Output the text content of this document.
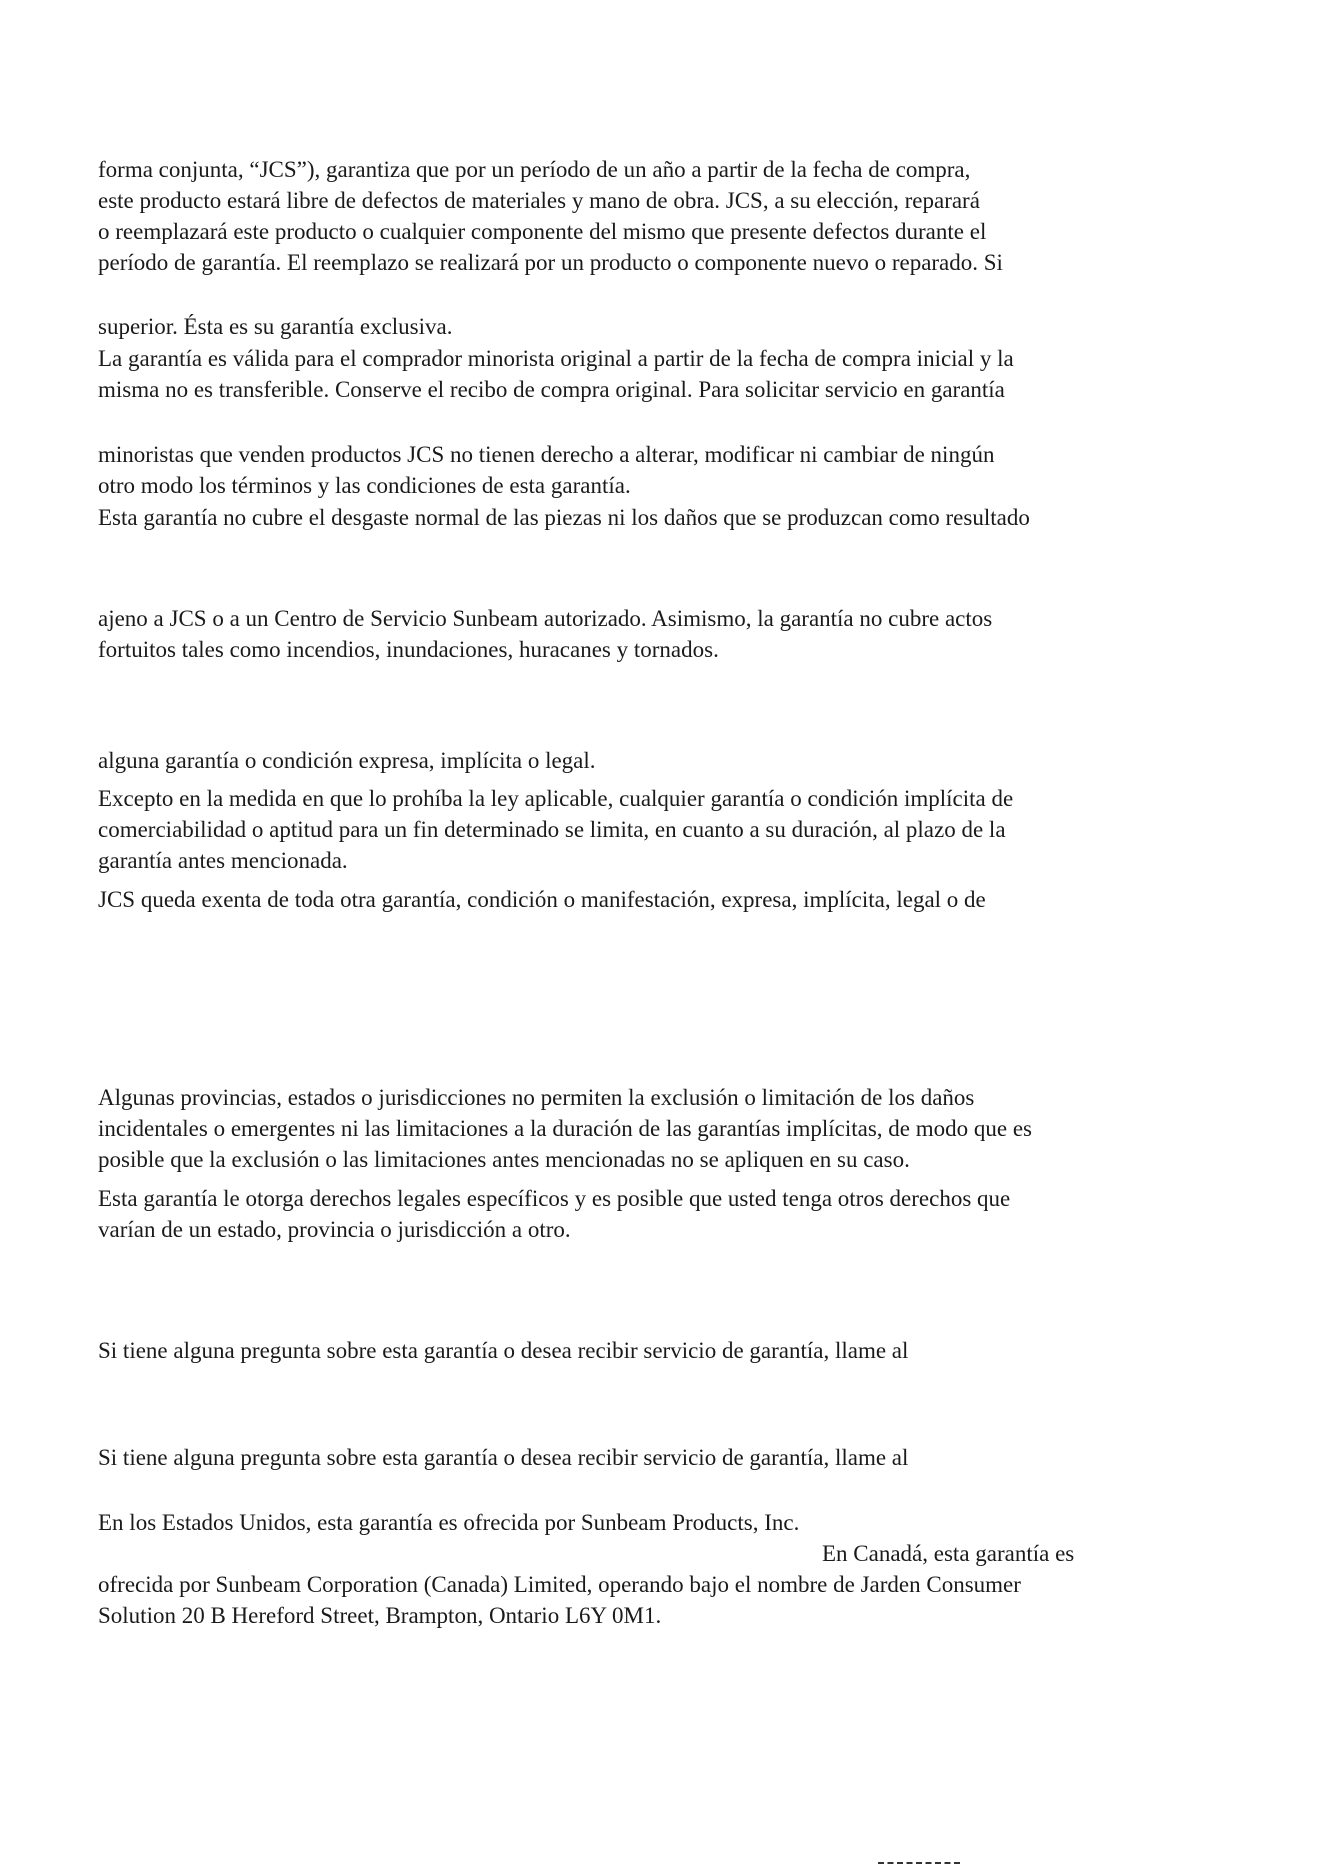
forma conjunta, “JCS”), garantiza que por un período de un año a partir de la fecha de compra,
este producto estará libre de defectos de materiales y mano de obra. JCS, a su elección, reparará
o reemplazará este producto o cualquier componente del mismo que presente defectos durante el
período de garantía. El reemplazo se realizará por un producto o componente nuevo o reparado. Si
superior. Ésta es su garantía exclusiva.
La garantía es válida para el comprador minorista original a partir de la fecha de compra inicial y la
misma no es transferible. Conserve el recibo de compra original. Para solicitar servicio en garantía
minoristas que venden productos JCS no tienen derecho a alterar, modificar ni cambiar de ningún
otro modo los términos y las condiciones de esta garantía.
Esta garantía no cubre el desgaste normal de las piezas ni los daños que se produzcan como resultado
ajeno a JCS o a un Centro de Servicio Sunbeam autorizado. Asimismo, la garantía no cubre actos
fortuitos tales como incendios, inundaciones, huracanes y tornados.
alguna garantía o condición expresa, implícita o legal.
Excepto en la medida en que lo prohíba la ley aplicable, cualquier garantía o condición implícita de
comerciabilidad o aptitud para un fin determinado se limita, en cuanto a su duración, al plazo de la
garantía antes mencionada.
JCS queda exenta de toda otra garantía, condición o manifestación, expresa, implícita, legal o de
Algunas provincias, estados o jurisdicciones no permiten la exclusión o limitación de los daños
incidentales o emergentes ni las limitaciones a la duración de las garantías implícitas, de modo que es
posible que la exclusión o las limitaciones antes mencionadas no se apliquen en su caso.
Esta garantía le otorga derechos legales específicos y es posible que usted tenga otros derechos que
varían de un estado, provincia o jurisdicción a otro.
Si tiene alguna pregunta sobre esta garantía o desea recibir servicio de garantía, llame al
Si tiene alguna pregunta sobre esta garantía o desea recibir servicio de garantía, llame al
En los Estados Unidos, esta garantía es ofrecida por Sunbeam Products, Inc.
En Canadá, esta garantía es
ofrecida por Sunbeam Corporation (Canada) Limited, operando bajo el nombre de Jarden Consumer
Solution 20 B Hereford Street, Brampton, Ontario L6Y 0M1.
